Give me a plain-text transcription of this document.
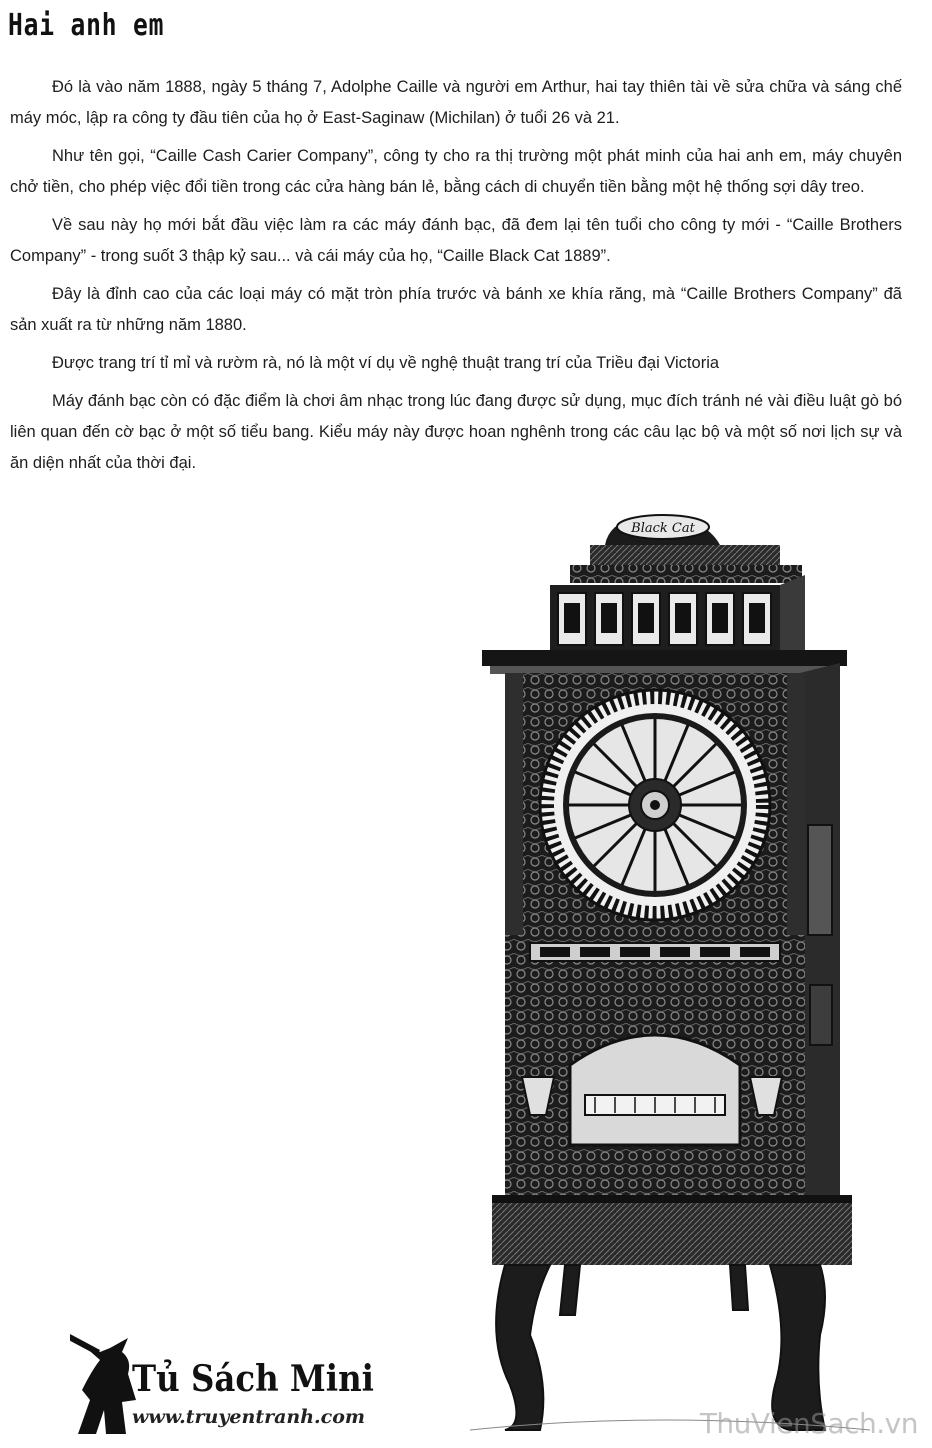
Hai anh em

Đó là vào năm 1888, ngày 5 tháng 7, Adolphe Caille và người em Arthur, hai tay thiên tài về sửa chữa và sáng chế máy móc, lập ra công ty đầu tiên của họ ở East-Saginaw (Michilan) ở tuổi 26 và 21.

Như tên gọi, “Caille Cash Carier Company”, công ty cho ra thị trường một phát minh của hai anh em, máy chuyên chở tiền, cho phép việc đổi tiền trong các cửa hàng bán lẻ, bằng cách di chuyển tiền bằng một hệ thống sợi dây treo.

Về sau này họ mới bắt đầu việc làm ra các máy đánh bạc, đã đem lại tên tuổi cho công ty mới - “Caille Brothers Company” - trong suốt 3 thập kỷ sau... và cái máy của họ, “Caille Black Cat 1889”.

Đây là đỉnh cao của các loại máy có mặt tròn phía trước và bánh xe khía răng, mà “Caille Brothers Company” đã sản xuất ra từ những năm 1880.

Được trang trí tỉ mỉ và rườm rà, nó là một ví dụ về nghệ thuật trang trí của Triều đại Victoria

Máy đánh bạc còn có đặc điểm là chơi âm nhạc trong lúc đang được sử dụng, mục đích tránh né vài điều luật gò bó liên quan đến cờ bạc ở một số tiểu bang. Kiểu máy này được hoan nghênh trong các câu lạc bộ và một số nơi lịch sự và ăn diện nhất của thời đại.

Black Cat
Tủ Sách Mini
www.truyentranh.com	ThuVienSach.vn
